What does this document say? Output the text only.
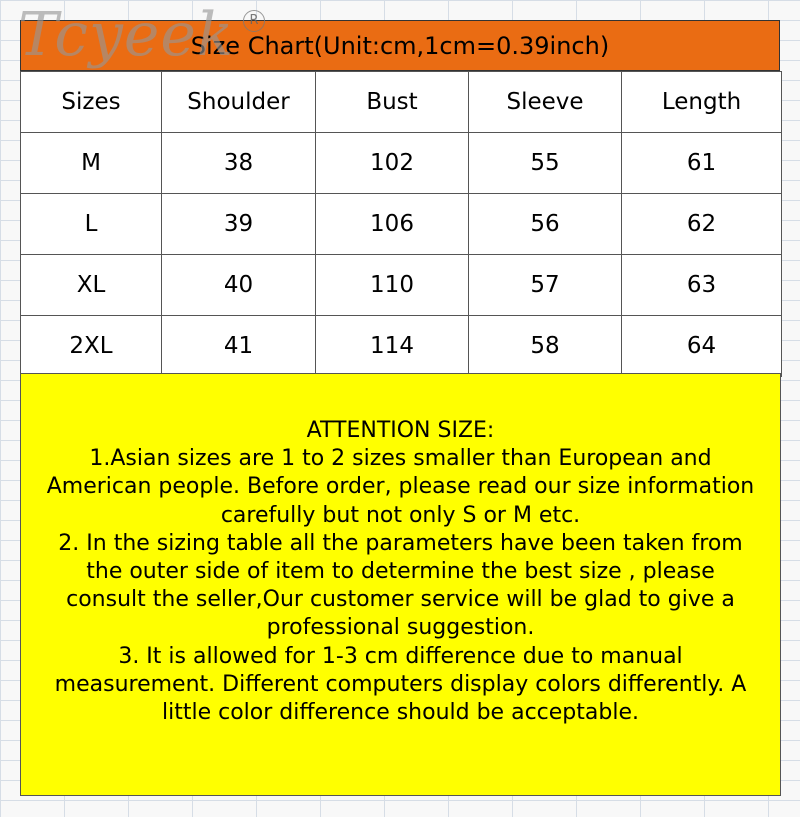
Tcyeek	R
Size Chart(Unit:cm,1cm=0.39inch)
Sizes	Shoulder	Bust	Sleeve	Length
M	38	102	55	61
L	39	106	56	62
XL	40	110	57	63
2XL	41	114	58	64

ATTENTION SIZE:

1.Asian sizes are 1 to 2 sizes smaller than European and

American people. Before order, please read our size information

carefully but not only S or M etc.

2. In the sizing table all the parameters have been taken from

the outer side of item to determine the best size , please

consult the seller,Our customer service will be glad to give a

professional suggestion.

3. It is allowed for 1-3 cm difference due to manual

measurement. Different computers display colors differently. A

little color difference should be acceptable.
